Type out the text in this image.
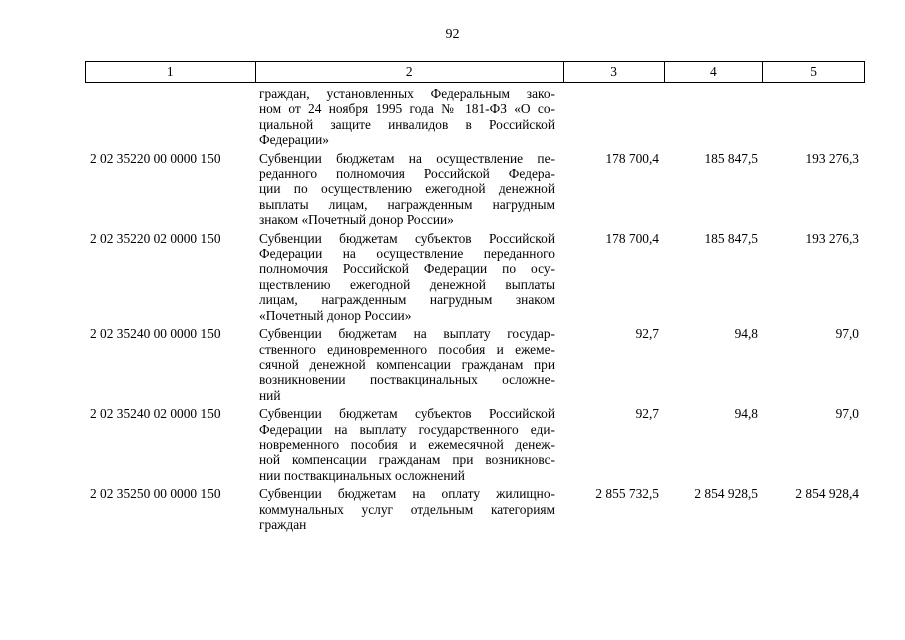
92
1	2	3	4	5
граждан, установленных Федеральным зако-
ном от 24 ноября 1995 года № 181-ФЗ «О со-
циальной защите инвалидов в Российской
Федерации»
2 02 35220 00 0000 150	Субвенции бюджетам на осуществление пе-
реданного полномочия Российской Федера-
ции по осуществлению ежегодной денежной
выплаты лицам, награжденным нагрудным
знаком «Почетный донор России»
178 700,4	185 847,5	193 276,3
2 02 35220 02 0000 150	Субвенции бюджетам субъектов Российской
Федерации на осуществление переданного
полномочия Российской Федерации по осу-
ществлению ежегодной денежной выплаты
лицам, награжденным нагрудным знаком
«Почетный донор России»
178 700,4	185 847,5	193 276,3
2 02 35240 00 0000 150	Субвенции бюджетам на выплату государ-
ственного единовременного пособия и ежеме-
сячной денежной компенсации гражданам при
возникновении поствакцинальных осложне-
ний
92,7	94,8	97,0
2 02 35240 02 0000 150	Субвенции бюджетам субъектов Российской
Федерации на выплату государственного еди-
новременного пособия и ежемесячной денеж-
ной компенсации гражданам при возникновс-
нии поствакцинальных осложнений
92,7	94,8	97,0
2 02 35250 00 0000 150	Субвенции бюджетам на оплату жилищно-
коммунальных услуг отдельным категориям
граждан
2 855 732,5	2 854 928,5	2 854 928,4
